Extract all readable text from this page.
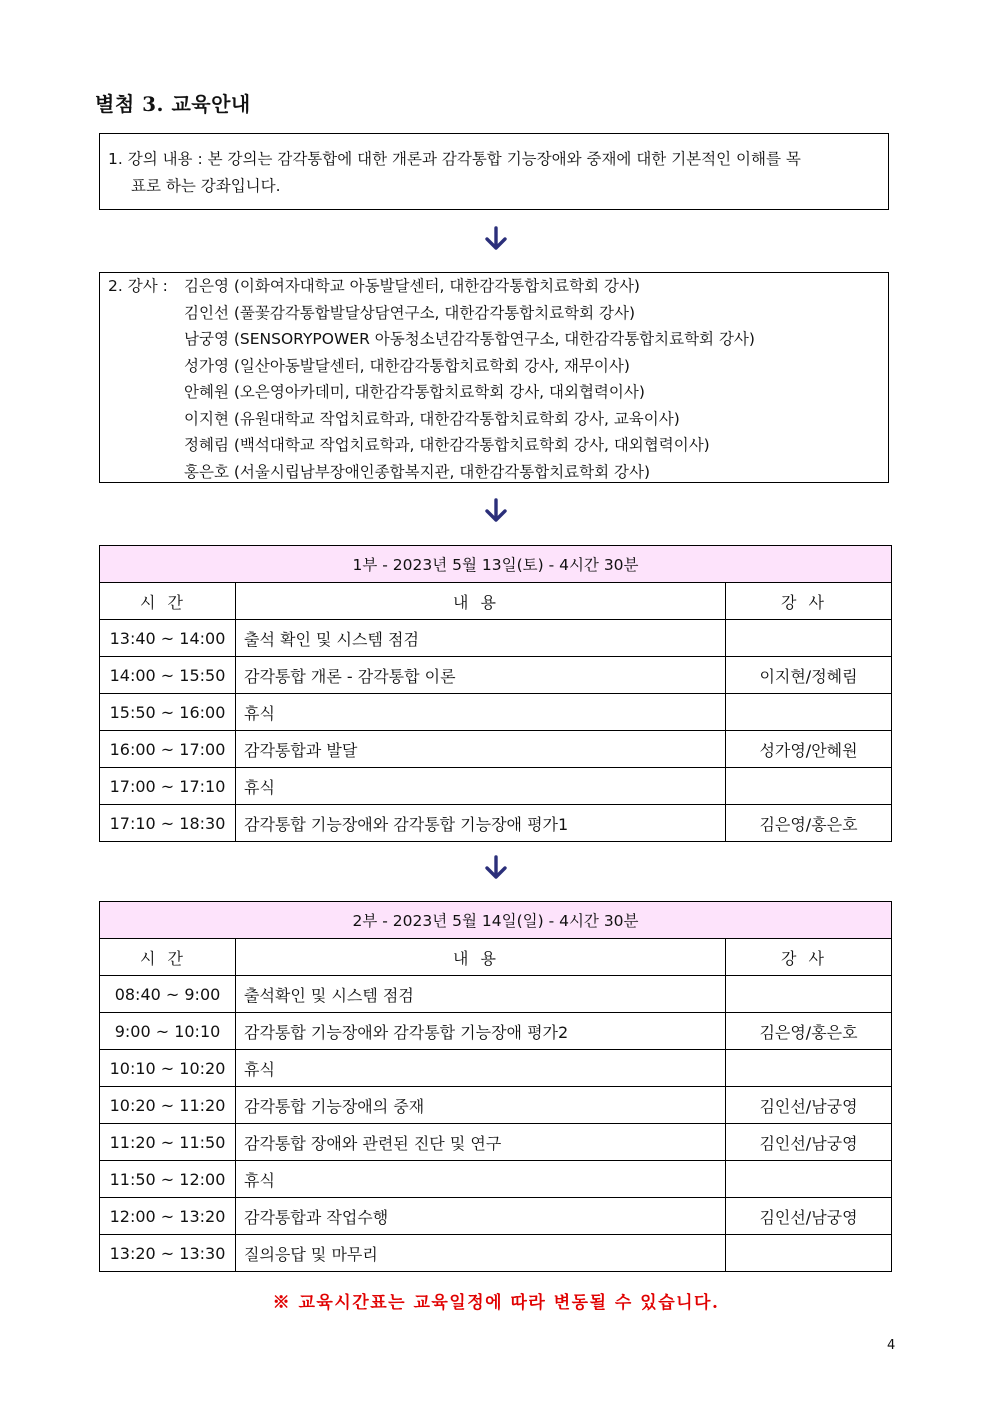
별첨 3. 교육안내
1. 강의 내용 : 본 강의는 감각통합에 대한 개론과 감각통합 기능장애와 중재에 대한 기본적인 이해를 목
표로 하는 강좌입니다.
2. 강사 :	김은영 (이화여자대학교 아동발달센터, 대한감각통합치료학회 강사)
김인선 (풀꽃감각통합발달상담연구소, 대한감각통합치료학회 강사)
남궁영 (SENSORYPOWER 아동청소년감각통합연구소, 대한감각통합치료학회 강사)
성가영 (일산아동발달센터, 대한감각통합치료학회 강사, 재무이사)
안혜원 (오은영아카데미, 대한감각통합치료학회 강사, 대외협력이사)
이지현 (유원대학교 작업치료학과, 대한감각통합치료학회 강사, 교육이사)
정혜림 (백석대학교 작업치료학과, 대한감각통합치료학회 강사, 대외협력이사)
홍은호 (서울시립남부장애인종합복지관, 대한감각통합치료학회 강사)
1부 - 2023년 5월 13일(토) - 4시간 30분		
시간	내용	강사
13:40 ~ 14:00	출석 확인 및 시스템 점검	
14:00 ~ 15:50	감각통합 개론 - 감각통합 이론	이지현/정혜림
15:50 ~ 16:00	휴식	
16:00 ~ 17:00	감각통합과 발달	성가영/안혜원
17:00 ~ 17:10	휴식	
17:10 ~ 18:30	감각통합 기능장애와 감각통합 기능장애 평가1	김은영/홍은호
2부 - 2023년 5월 14일(일) - 4시간 30분		
시간	내용	강사
08:40 ~ 9:00	출석확인 및 시스템 점검	
9:00 ~ 10:10	감각통합 기능장애와 감각통합 기능장애 평가2	김은영/홍은호
10:10 ~ 10:20	휴식	
10:20 ~ 11:20	감각통합 기능장애의 중재	김인선/남궁영
11:20 ~ 11:50	감각통합 장애와 관련된 진단 및 연구	김인선/남궁영
11:50 ~ 12:00	휴식	
12:00 ~ 13:20	감각통합과 작업수행	김인선/남궁영
13:20 ~ 13:30	질의응답 및 마무리	
※ 교육시간표는 교육일정에 따라 변동될 수 있습니다.
4
